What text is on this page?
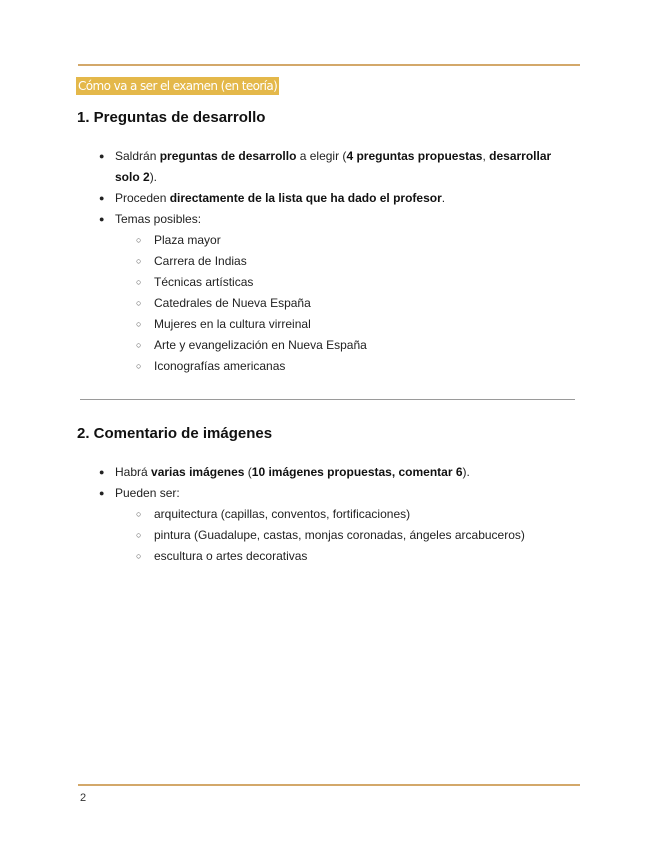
Cómo va a ser el examen (en teoría)
1. Preguntas de desarrollo
● Saldrán preguntas de desarrollo a elegir (4 preguntas propuestas, desarrollar solo 2).
● Proceden directamente de la lista que ha dado el profesor.
● Temas posibles:
○ Plaza mayor
○ Carrera de Indias
○ Técnicas artísticas
○ Catedrales de Nueva España
○ Mujeres en la cultura virreinal
○ Arte y evangelización en Nueva España
○ Iconografías americanas
2. Comentario de imágenes
● Habrá varias imágenes (10 imágenes propuestas, comentar 6).
● Pueden ser:
○ arquitectura (capillas, conventos, fortificaciones)
○ pintura (Guadalupe, castas, monjas coronadas, ángeles arcabuceros)
○ escultura o artes decorativas
2
